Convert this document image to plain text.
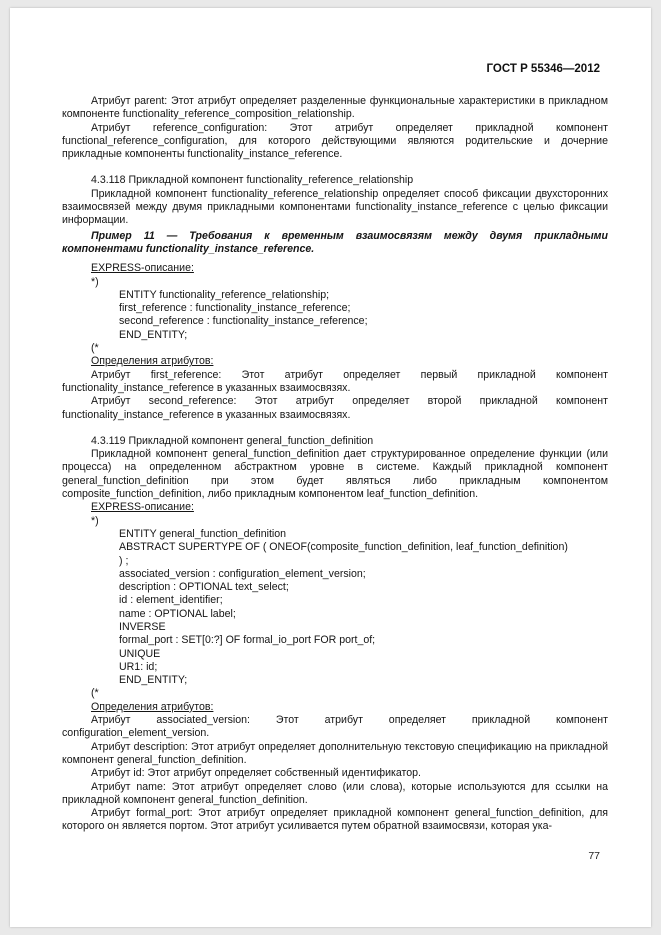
ГОСТ Р 55346—2012

Атрибут parent: Этот атрибут определяет разделенные функциональные характеристики в прикладном компоненте functionality_reference_composition_relationship.

Атрибут reference_configuration: Этот атрибут определяет прикладной компонент functional_reference_configuration, для которого действующими являются родительские и дочерние прикладные компоненты functionality_instance_reference.

4.3.118 Прикладной компонент functionality_reference_relationship

Прикладной компонент functionality_reference_relationship определяет способ фиксации двухсторонних взаимосвязей между двумя прикладными компонентами functionality_instance_reference с целью фиксации информации.

Пример 11 — Требования к временным взаимосвязям между двумя прикладными компонентами functionality_instance_reference.

EXPRESS-описание:
*)
ENTITY functionality_reference_relationship;
first_reference : functionality_instance_reference;
second_reference : functionality_instance_reference;
END_ENTITY;
(*
Определения атрибутов:

Атрибут first_reference: Этот атрибут определяет первый прикладной компонент functionality_instance_reference в указанных взаимосвязях.

Атрибут second_reference: Этот атрибут определяет второй прикладной компонент functionality_instance_reference в указанных взаимосвязях.

4.3.119 Прикладной компонент general_function_definition

Прикладной компонент general_function_definition дает структурированное определение функции (или процесса) на определенном абстрактном уровне в системе. Каждый прикладной компонент general_function_definition при этом будет являться либо прикладным компонентом composite_function_definition, либо прикладным компонентом leaf_function_definition.

EXPRESS-описание:
*)
ENTITY general_function_definition
ABSTRACT SUPERTYPE OF ( ONEOF(composite_function_definition, leaf_function_definition)
) ;
associated_version : configuration_element_version;
description : OPTIONAL text_select;
id : element_identifier;
name : OPTIONAL label;
INVERSE
formal_port : SET[0:?] OF formal_io_port FOR port_of;
UNIQUE
UR1: id;
END_ENTITY;
(*
Определения атрибутов:

Атрибут associated_version: Этот атрибут определяет прикладной компонент configuration_element_version.

Атрибут description: Этот атрибут определяет дополнительную текстовую спецификацию на прикладной компонент general_function_definition.

Атрибут id: Этот атрибут определяет собственный идентификатор.

Атрибут name: Этот атрибут определяет слово (или слова), которые используются для ссылки на прикладной компонент general_function_definition.

Атрибут formal_port: Этот атрибут определяет прикладной компонент general_function_definition, для которого он является портом. Этот атрибут усиливается путем обратной взаимосвязи, которая ука-

77
